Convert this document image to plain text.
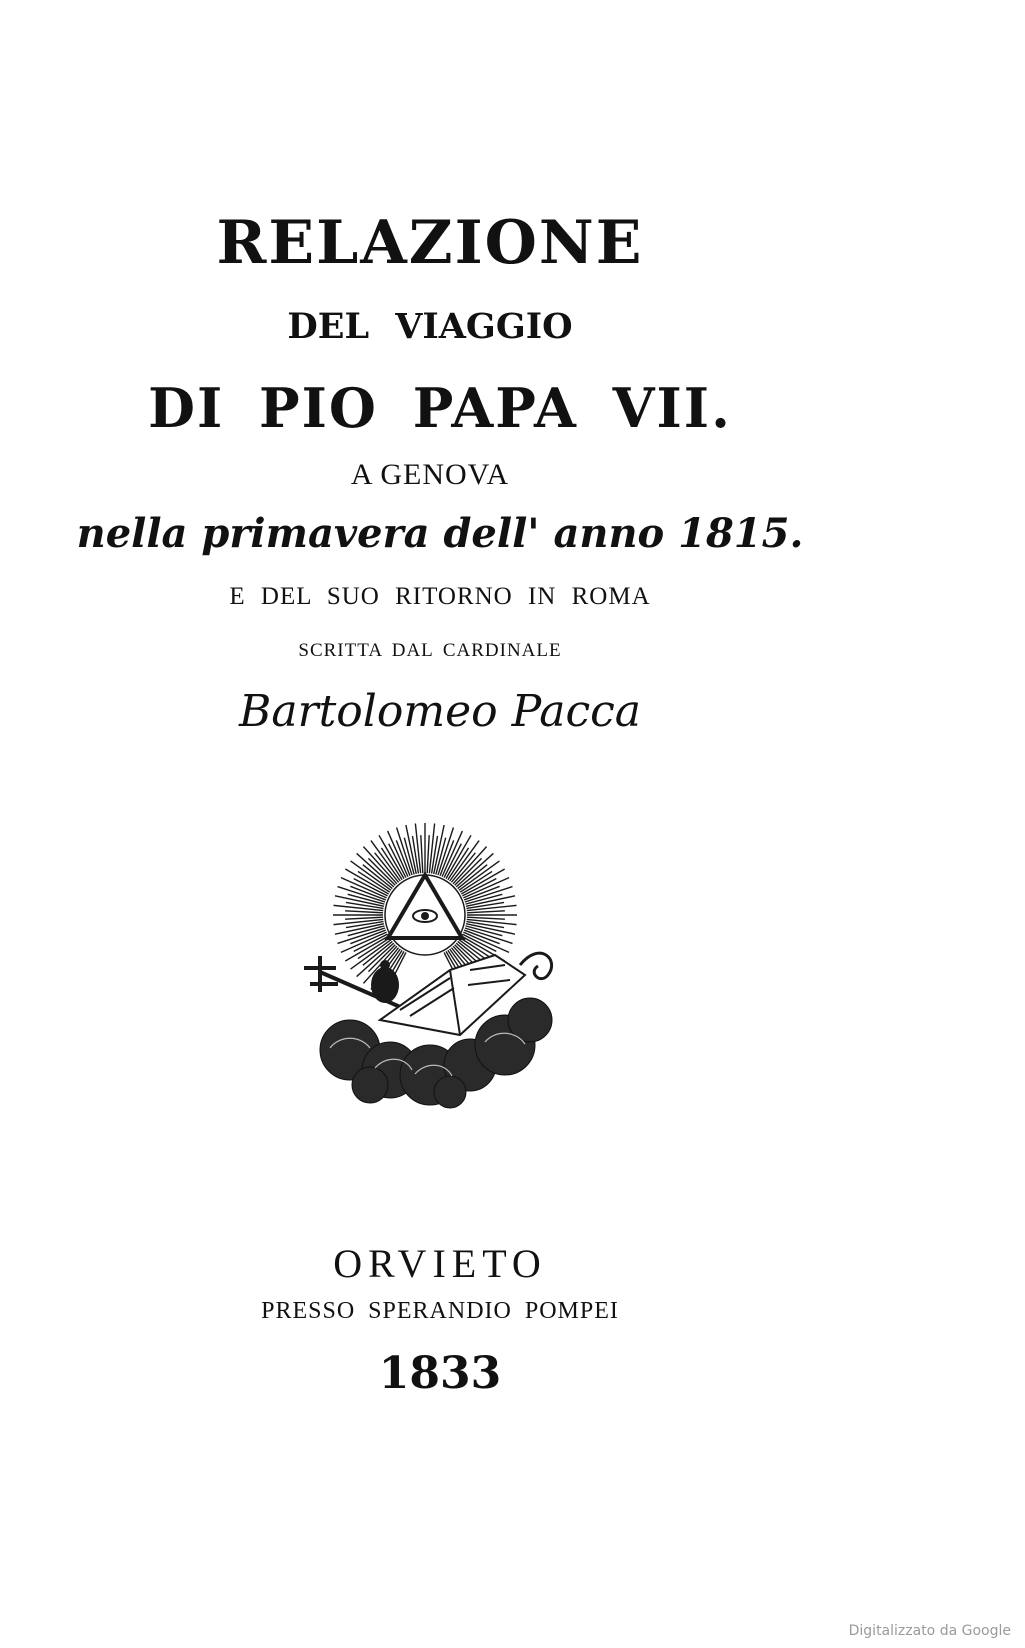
RELAZIONE
DEL VIAGGIO
DI PIO PAPA VII.
A GENOVA
nella primavera dell' anno 1815.
E DEL SUO RITORNO IN ROMA
SCRITTA DAL CARDINALE
Bartolomeo Pacca
ORVIETO
PRESSO SPERANDIO POMPEI
1833
Digitalizzato da Google
